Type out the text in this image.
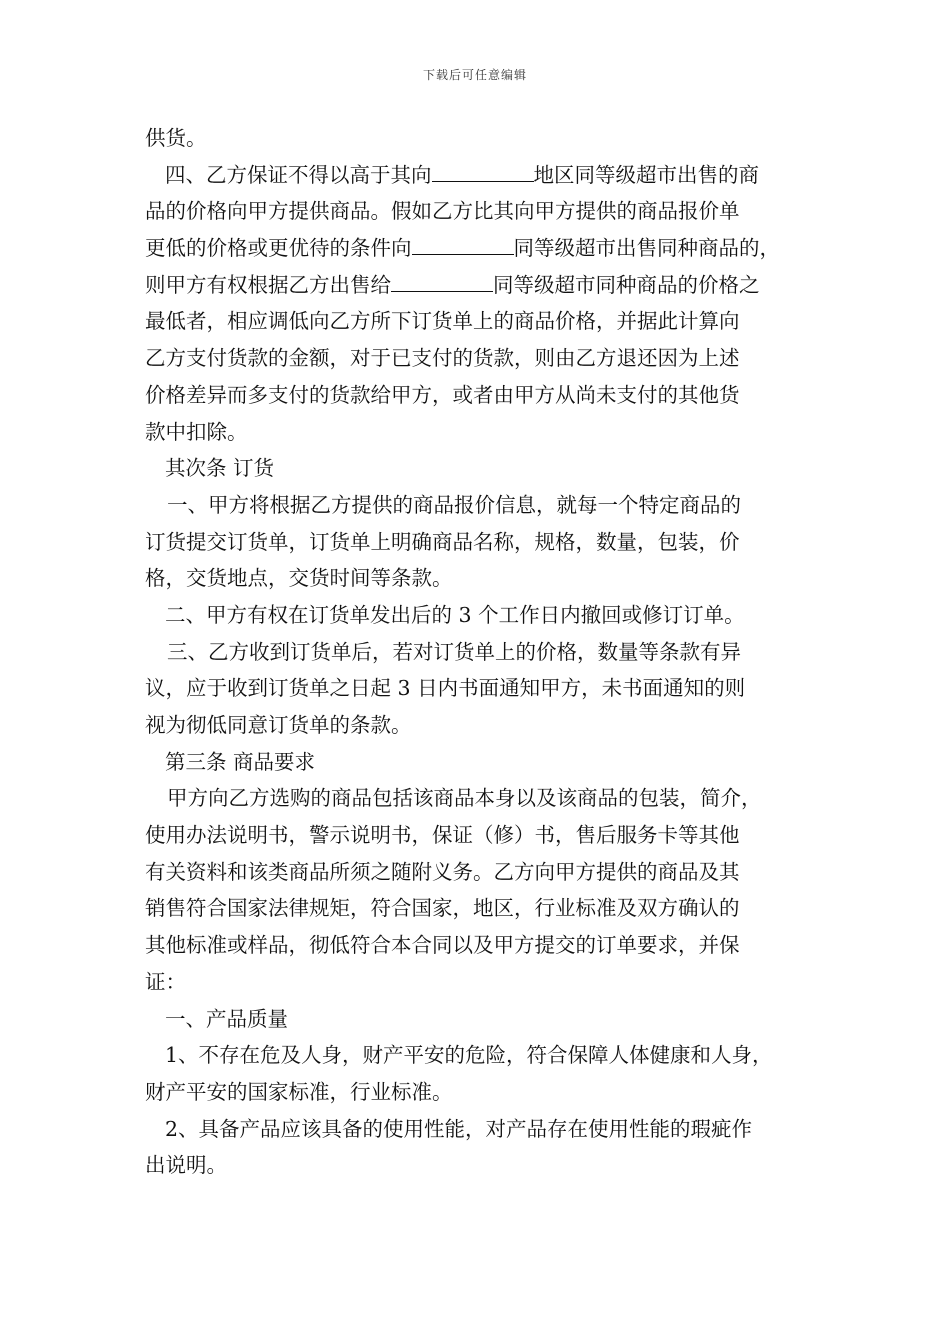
下载后可任意编辑
供货。
四、乙方保证不得以高于其向	地区同等级超市出售的商
品的价格向甲方提供商品。假如乙方比其向甲方提供的商品报价单
更低的价格或更优待的条件向	同等级超市出售同种商品的，
则甲方有权根据乙方出售给	同等级超市同种商品的价格之
最低者，相应调低向乙方所下订货单上的商品价格，并据此计算向
乙方支付货款的金额，对于已支付的货款，则由乙方退还因为上述
价格差异而多支付的货款给甲方，或者由甲方从尚未支付的其他货
款中扣除。
其次条 订货
一、甲方将根据乙方提供的商品报价信息，就每一个特定商品的
订货提交订货单，订货单上明确商品名称，规格，数量，包装，价
格，交货地点，交货时间等条款。
二、甲方有权在订货单发出后的 3 个工作日内撤回或修订订单。
三、乙方收到订货单后，若对订货单上的价格，数量等条款有异
议，应于收到订货单之日起 3 日内书面通知甲方，未书面通知的则
视为彻低同意订货单的条款。
第三条 商品要求
甲方向乙方选购的商品包括该商品本身以及该商品的包装，简介，
使用办法说明书，警示说明书，保证（修）书，售后服务卡等其他
有关资料和该类商品所须之随附义务。乙方向甲方提供的商品及其
销售符合国家法律规矩，符合国家，地区，行业标准及双方确认的
其他标准或样品，彻低符合本合同以及甲方提交的订单要求，并保
证：
一、产品质量
1、不存在危及人身，财产平安的危险，符合保障人体健康和人身，
财产平安的国家标准，行业标准。
2、具备产品应该具备的使用性能，对产品存在使用性能的瑕疵作
出说明。
